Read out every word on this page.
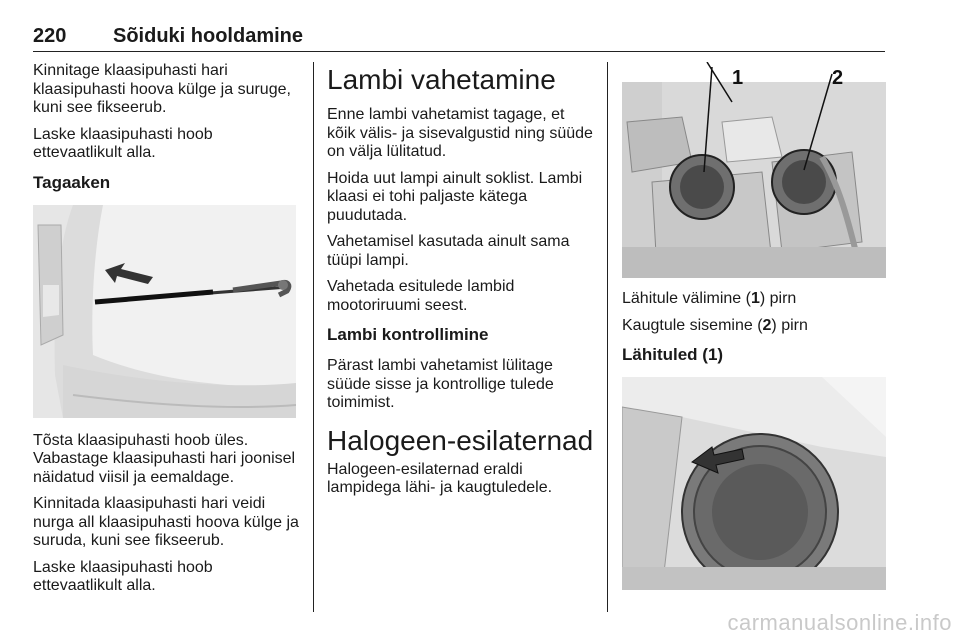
220 Sõiduki hooldamine

Kinnitage klaasipuhasti hari klaasipuhasti hoova külge ja suruge, kuni see fikseerub.

Laske klaasipuhasti hoob ettevaatlikult alla.

Tagaaken

Tõsta klaasipuhasti hoob üles.

Vabastage klaasipuhasti hari joonisel näidatud viisil ja eemaldage.

Kinnitada klaasipuhasti hari veidi nurga all klaasipuhasti hoova külge ja suruda, kuni see fikseerub.

Laske klaasipuhasti hoob ettevaatlikult alla.

Lambi vahetamine

Enne lambi vahetamist tagage, et kõik välis- ja sisevalgustid ning süüde on välja lülitatud.

Hoida uut lampi ainult soklist. Lambi klaasi ei tohi paljaste kätega puudutada.

Vahetamisel kasutada ainult sama tüüpi lampi.

Vahetada esitulede lambid mootoriruumi seest.

Lambi kontrollimine

Pärast lambi vahetamist lülitage süüde sisse ja kontrollige tulede toimimist.

Halogeen-esilaternad

Halogeen-esilaternad eraldi lampidega lähi- ja kaugtuledele.

1	2

Lähitule välimine (1) pirn

Kaugtule sisemine (2) pirn

Lähituled (1)
carmanualsonline.info
